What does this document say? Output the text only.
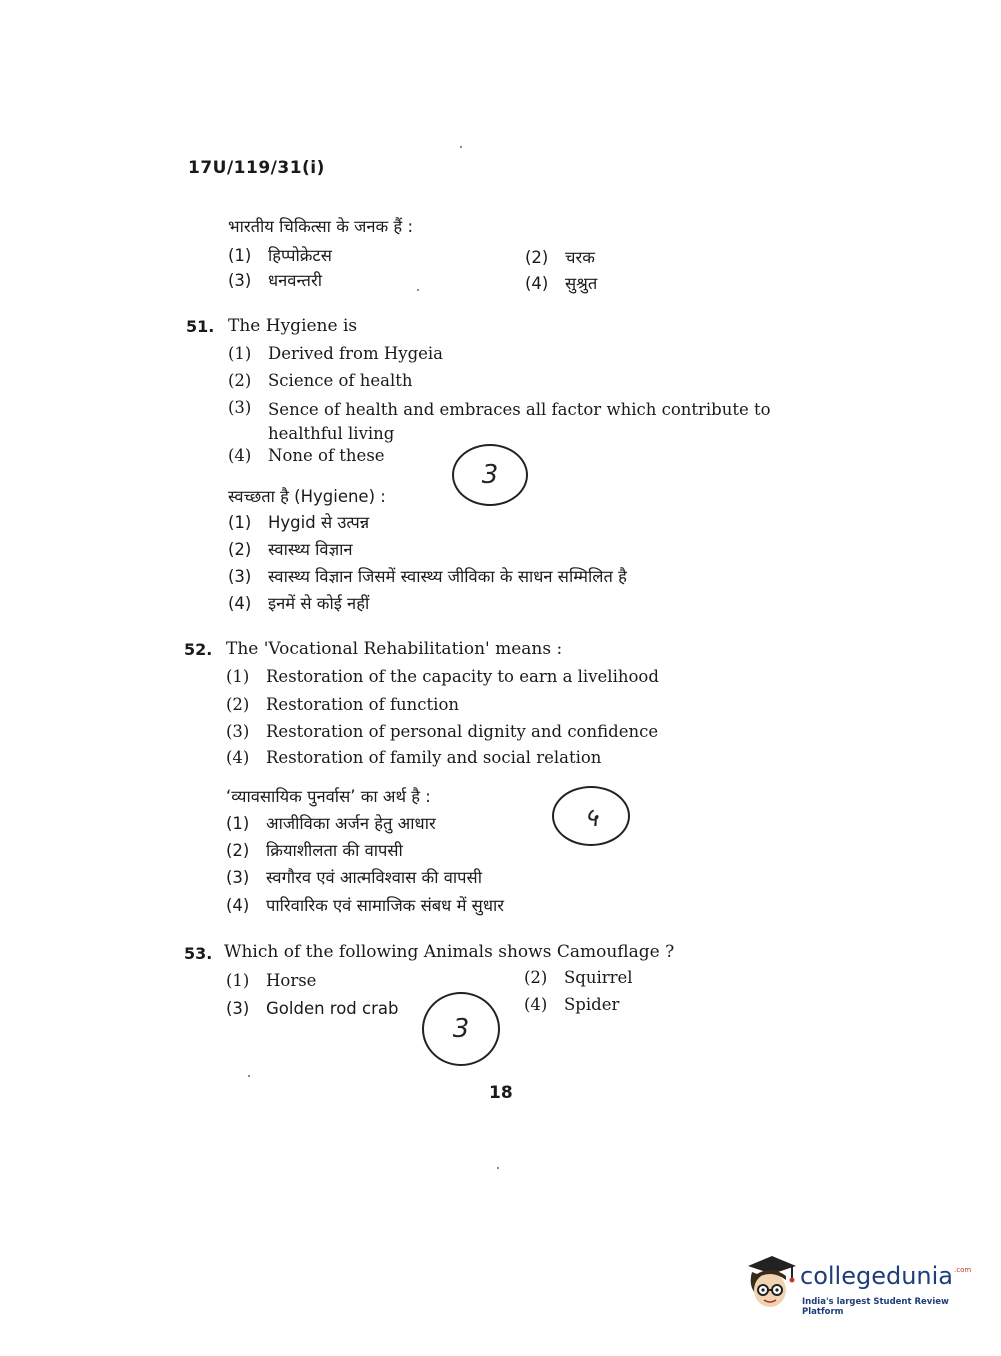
17U/119/31(i)
भारतीय चिकित्सा के जनक हैं :
(1) हिप्पोक्रेटस	(2) चरक
(3) धनवन्तरी	(4) सुश्रुत
51. The Hygiene is
(1) Derived from Hygeia
(2) Science of health
(3)	Sence of health and embraces all factor which contribute to healthful living
(4) None of these
3
स्वच्छता है (Hygiene) :
(1) Hygid से उत्पन्न
(2) स्वास्थ्य विज्ञान
(3) स्वास्थ्य विज्ञान जिसमें स्वास्थ्य जीविका के साधन सम्मिलित है
(4) इनमें से कोई नहीं
52. The 'Vocational Rehabilitation' means :
(1) Restoration of the capacity to earn a livelihood
(2) Restoration of function
(3) Restoration of personal dignity and confidence
(4) Restoration of family and social relation
‘व्यावसायिक पुनर्वास’ का अर्थ है :
(1) आजीविका अर्जन हेतु आधार
(2) क्रियाशीलता की वापसी
(3) स्वगौरव एवं आत्मविश्वास की वापसी
(4) पारिवारिक एवं सामाजिक संबध में सुधार
५
53. Which of the following Animals shows Camouflage ?
(1) Horse	(2) Squirrel
(3) Golden rod crab	(4) Spider
3
18
collegedunia .com
India's largest Student Review Platform
